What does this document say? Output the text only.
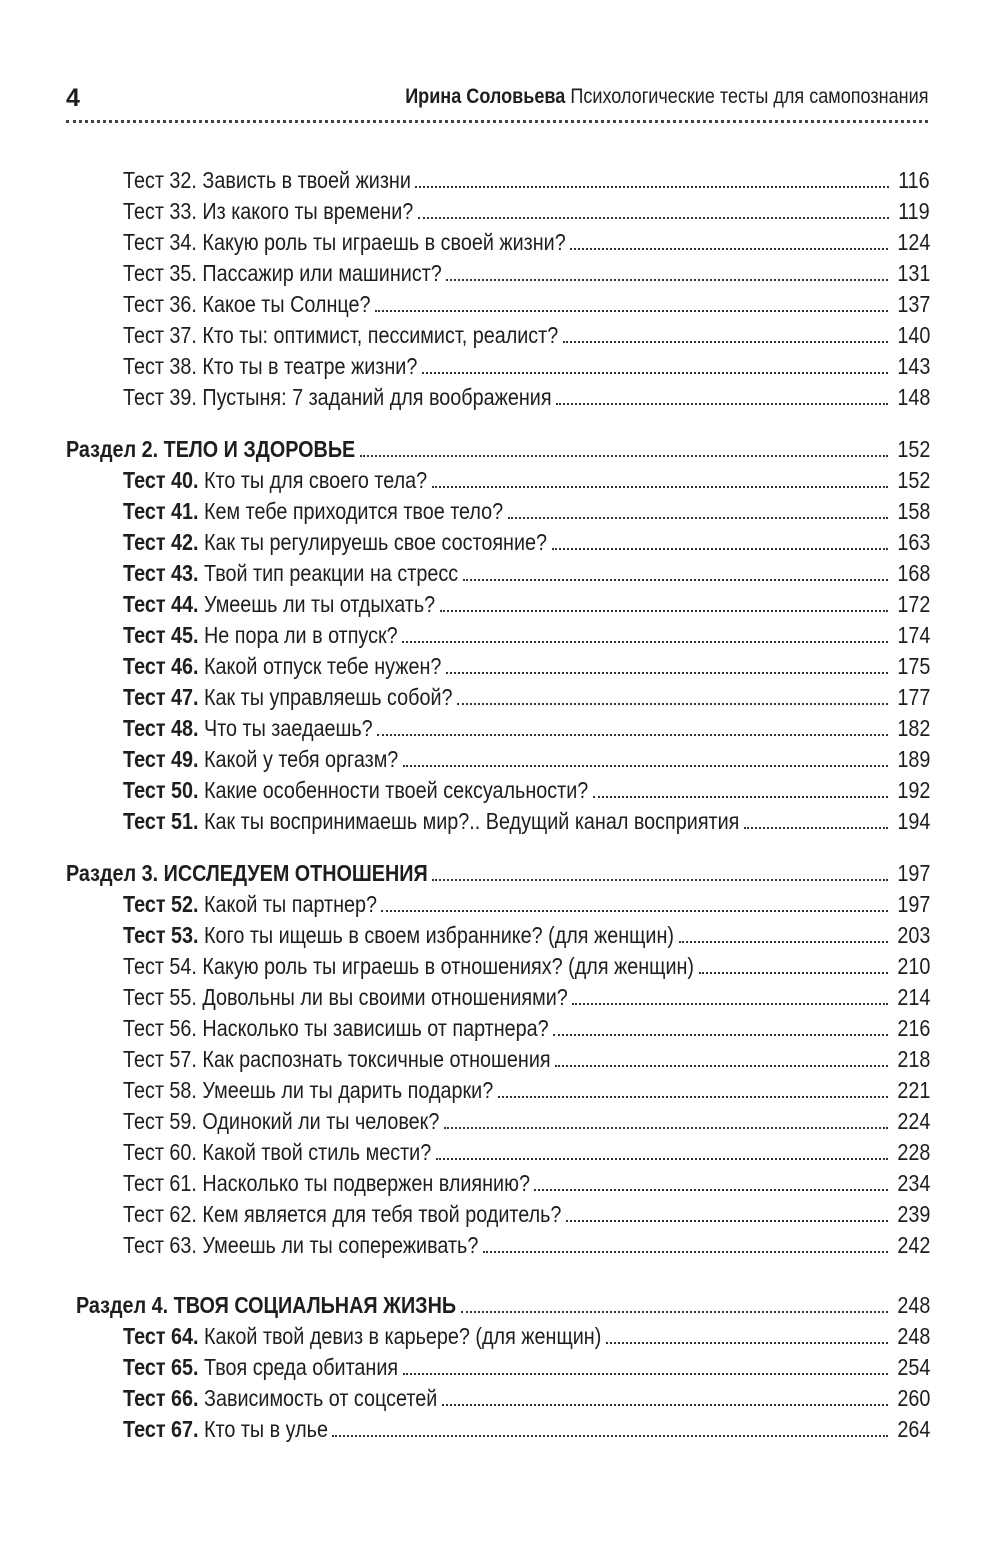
4	Ирина Соловьева Психологические тесты для самопознания
Тест 32. Зависть в твоей жизни	116
Тест 33. Из какого ты времени?	119
Тест 34. Какую роль ты играешь в своей жизни?	124
Тест 35. Пассажир или машинист?	131
Тест 36. Какое ты Солнце?	137
Тест 37. Кто ты: оптимист, пессимист, реалист?	140
Тест 38. Кто ты в театре жизни?	143
Тест 39. Пустыня: 7 заданий для воображения	148
Раздел 2. ТЕЛО И ЗДОРОВЬЕ	152
Тест 40. Кто ты для своего тела?	152
Тест 41. Кем тебе приходится твое тело?	158
Тест 42. Как ты регулируешь свое состояние?	163
Тест 43. Твой тип реакции на стресс	168
Тест 44. Умеешь ли ты отдыхать?	172
Тест 45. Не пора ли в отпуск?	174
Тест 46. Какой отпуск тебе нужен?	175
Тест 47. Как ты управляешь собой?	177
Тест 48. Что ты заедаешь?	182
Тест 49. Какой у тебя оргазм?	189
Тест 50. Какие особенности твоей сексуальности?	192
Тест 51. Как ты воспринимаешь мир?.. Ведущий канал восприятия	194
Раздел 3. ИССЛЕДУЕМ ОТНОШЕНИЯ	197
Тест 52. Какой ты партнер?	197
Тест 53. Кого ты ищешь в своем избраннике? (для женщин)	203
Тест 54. Какую роль ты играешь в отношениях? (для женщин)	210
Тест 55. Довольны ли вы своими отношениями?	214
Тест 56. Насколько ты зависишь от партнера?	216
Тест 57. Как распознать токсичные отношения	218
Тест 58. Умеешь ли ты дарить подарки?	221
Тест 59. Одинокий ли ты человек?	224
Тест 60. Какой твой стиль мести?	228
Тест 61. Насколько ты подвержен влиянию?	234
Тест 62. Кем является для тебя твой родитель?	239
Тест 63. Умеешь ли ты сопереживать?	242
Раздел 4. ТВОЯ СОЦИАЛЬНАЯ ЖИЗНЬ	248
Тест 64. Какой твой девиз в карьере? (для женщин)	248
Тест 65. Твоя среда обитания	254
Тест 66. Зависимость от соцсетей	260
Тест 67. Кто ты в улье	264
